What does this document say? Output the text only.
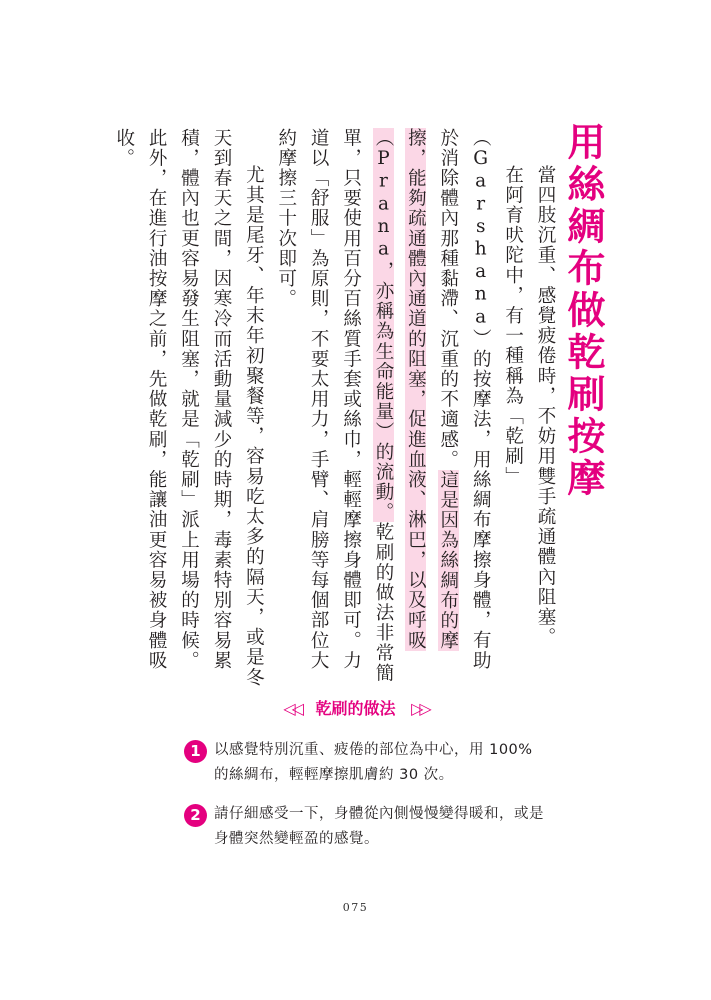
用絲綢布做乾刷按摩

當四肢沉重、感覺疲倦時，不妨用雙手疏通體內阻塞。

在阿育吠陀中，有一種稱為「乾刷」（Garshana）的按摩法，用絲綢布摩擦身體，有助於消除體內那種黏滯、沉重的不適感。這是因為絲綢布的摩擦，能夠疏通體內通道的阻塞，促進血液、淋巴，以及呼吸（Prana，亦稱為生命能量）的流動。乾刷的做法非常簡單，只要使用百分百絲質手套或絲巾，輕輕摩擦身體即可。力道以「舒服」為原則，不要太用力，手臂、肩膀等每個部位大約摩擦三十次即可。

尤其是尾牙、年末年初聚餐等，容易吃太多的隔天，或是冬天到春天之間，因寒冷而活動量減少的時期，毒素特別容易累積，體內也更容易發生阻塞，就是「乾刷」派上用場的時候。此外，在進行油按摩之前，先做乾刷，能讓油更容易被身體吸收。

◁◁ 乾刷的做法 ▷▷
1 以感覺特別沉重、疲倦的部位為中心，用 100% 的絲綢布，輕輕摩擦肌膚約 30 次。
2 請仔細感受一下，身體從內側慢慢變得暖和，或是身體突然變輕盈的感覺。
075
